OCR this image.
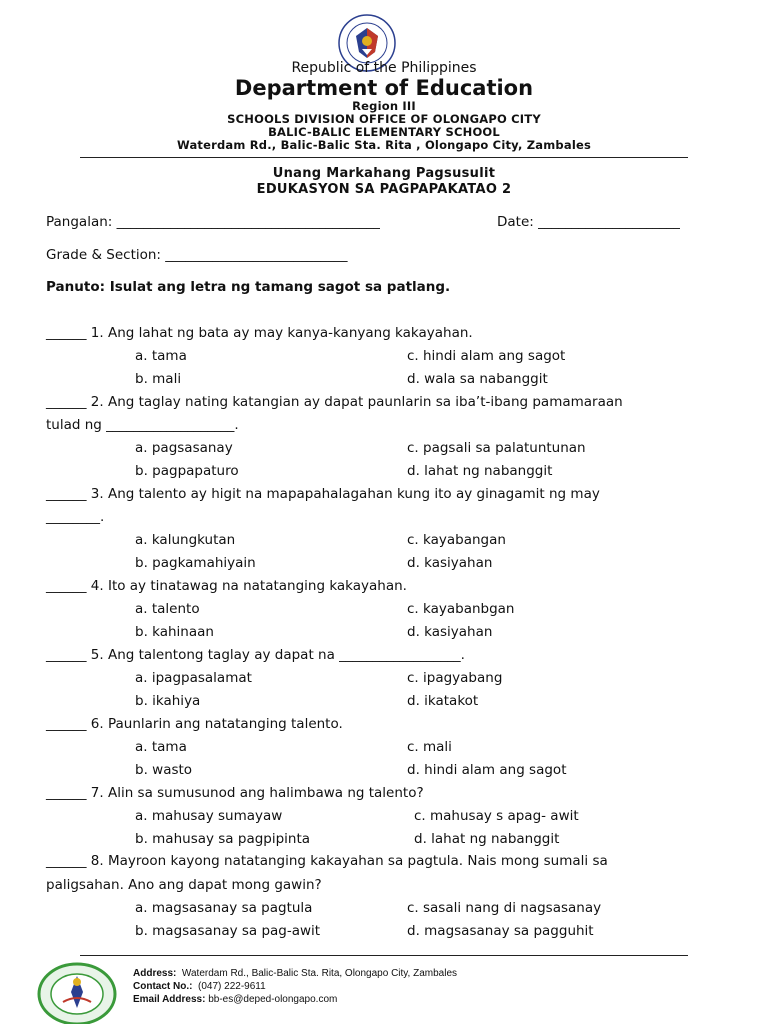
Republic of the Philippines
Department of Education
Region III
SCHOOLS DIVISION OFFICE OF OLONGAPO CITY
BALIC-BALIC ELEMENTARY SCHOOL
Waterdam Rd., Balic-Balic Sta. Rita , Olongapo City, Zambales
Unang Markahang Pagsusulit
EDUKASYON SA PAGPAPAKATAO 2
Pangalan: _______________________________________	Date: _____________________
Grade & Section: ___________________________
Panuto: Isulat ang letra ng tamang sagot sa patlang.
______ 1. Ang lahat ng bata ay may kanya-kanyang kakayahan.
a. tama	c. hindi alam ang sagot
b. mali	d. wala sa nabanggit
______ 2. Ang taglay nating katangian ay dapat paunlarin sa iba’t-ibang pamamaraan
tulad ng ___________________.
a. pagsasanay	c. pagsali sa palatuntunan
b. pagpapaturo	d. lahat ng nabanggit
______ 3. Ang talento ay higit na mapapahalagahan kung ito ay ginagamit ng may
________.
a. kalungkutan	c. kayabangan
b. pagkamahiyain	d. kasiyahan
______ 4. Ito ay tinatawag na natatanging kakayahan.
a. talento	c. kayabanbgan
b. kahinaan	d. kasiyahan
______ 5. Ang talentong taglay ay dapat na __________________.
a. ipagpasalamat	c. ipagyabang
b. ikahiya	d. ikatakot
______ 6. Paunlarin ang natatanging talento.
a. tama	c. mali
b. wasto	d. hindi alam ang sagot
______ 7. Alin sa sumusunod ang halimbawa ng talento?
a. mahusay sumayaw	c. mahusay s apag- awit
b. mahusay sa pagpipinta	d. lahat ng nabanggit
______ 8. Mayroon kayong natatanging kakayahan sa pagtula. Nais mong sumali sa
paligsahan. Ano ang dapat mong gawin?
a. magsasanay sa pagtula	c. sasali nang di nagsasanay
b. magsasanay sa pag-awit	d. magsasanay sa pagguhit
Address: Waterdam Rd., Balic-Balic Sta. Rita, Olongapo City, Zambales
Contact No.: (047) 222-9611
Email Address: bb-es@deped-olongapo.com
